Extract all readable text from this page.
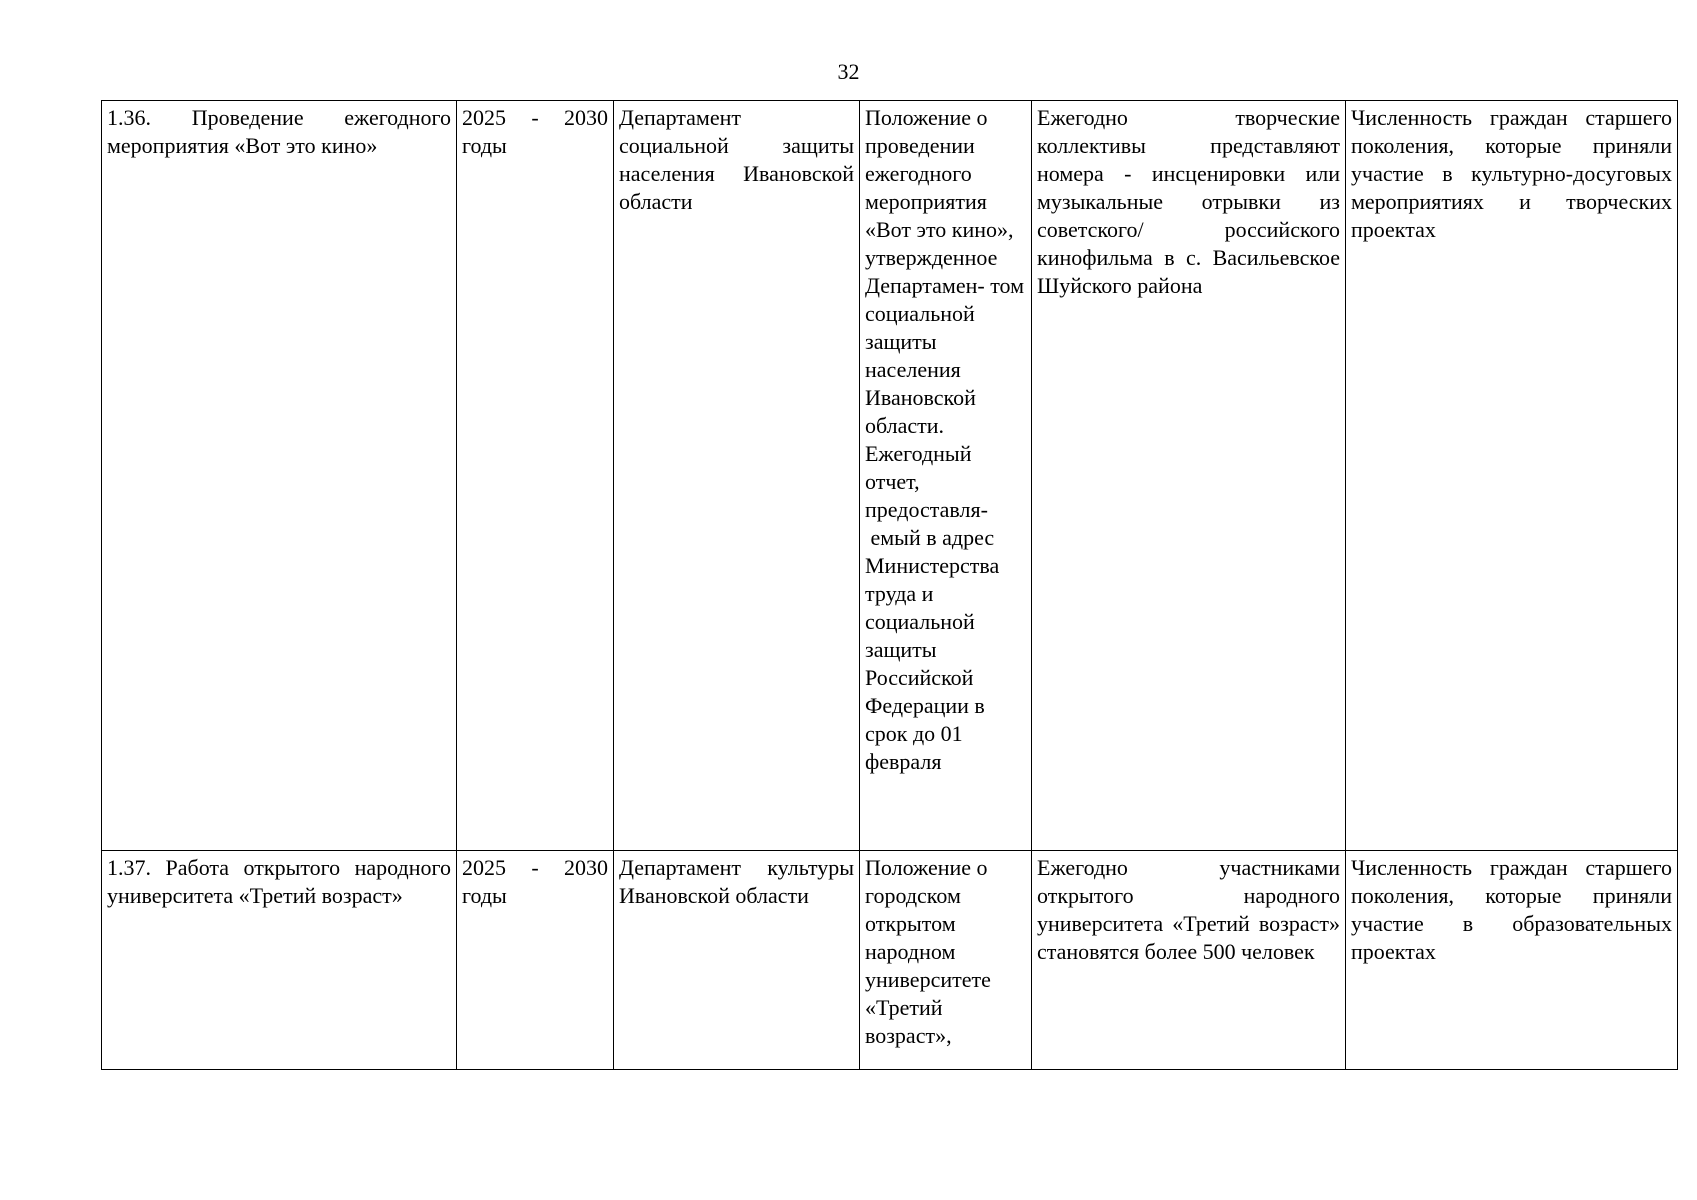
32
1.36. Проведение ежегодного мероприятия «Вот это кино»	2025 - 2030 годы	Департамент социальной защиты населения Ивановской области	Положение о проведении ежегодного мероприятия «Вот это кино», утвержденное Департамен- том социальной защиты населения Ивановской области. Ежегодный отчет, предоставля- емый в адрес Министерства труда и социальной защиты Российской Федерации в срок до 01 февраля	Ежегодно творческие коллективы представляют номера - инсценировки или музыкальные отрывки из советского/ российского кинофильма в с. Васильевское Шуйского района	Численность граждан старшего поколения, которые приняли участие в культурно-досуговых мероприятиях и творческих проектах

1.37. Работа открытого народного университета «Третий возраст»	2025 - 2030 годы	Департамент культуры Ивановской области	Положение о городском открытом народном университете «Третий возраст»,	Ежегодно участниками открытого народного университета «Третий возраст» становятся более 500 человек	Численность граждан старшего поколения, которые приняли участие в образовательных проектах
